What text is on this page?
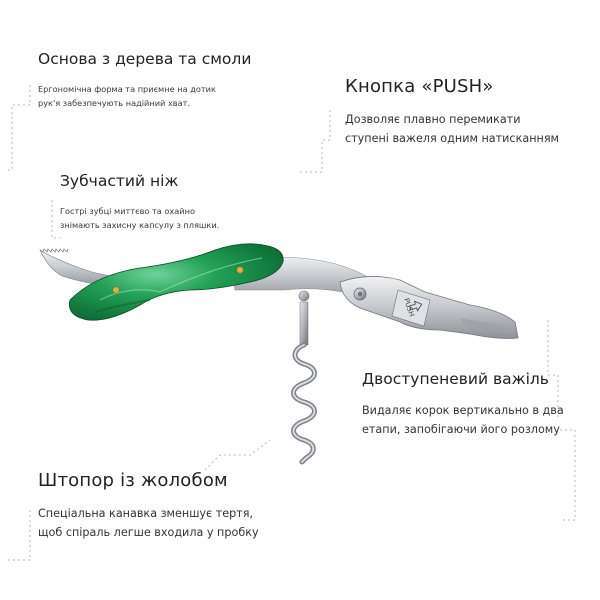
PUSH
Основа з дерева та смоли
Ергономічна форма та приємне на дотик
рук'я забезпечують надійний хват.
Кнопка «PUSH»
Дозволяє плавно перемикати
ступені важеля одним натисканням
Зубчастий ніж
Гострі зубці миттєво та охайно
знімають захисну капсулу з пляшки.
Двоступеневий важіль
Видаляє корок вертикально в два
етапи, запобігаючи його розлому
Штопор із жолобом
Спеціальна канавка зменшує тертя,
щоб спіраль легше входила у пробку
